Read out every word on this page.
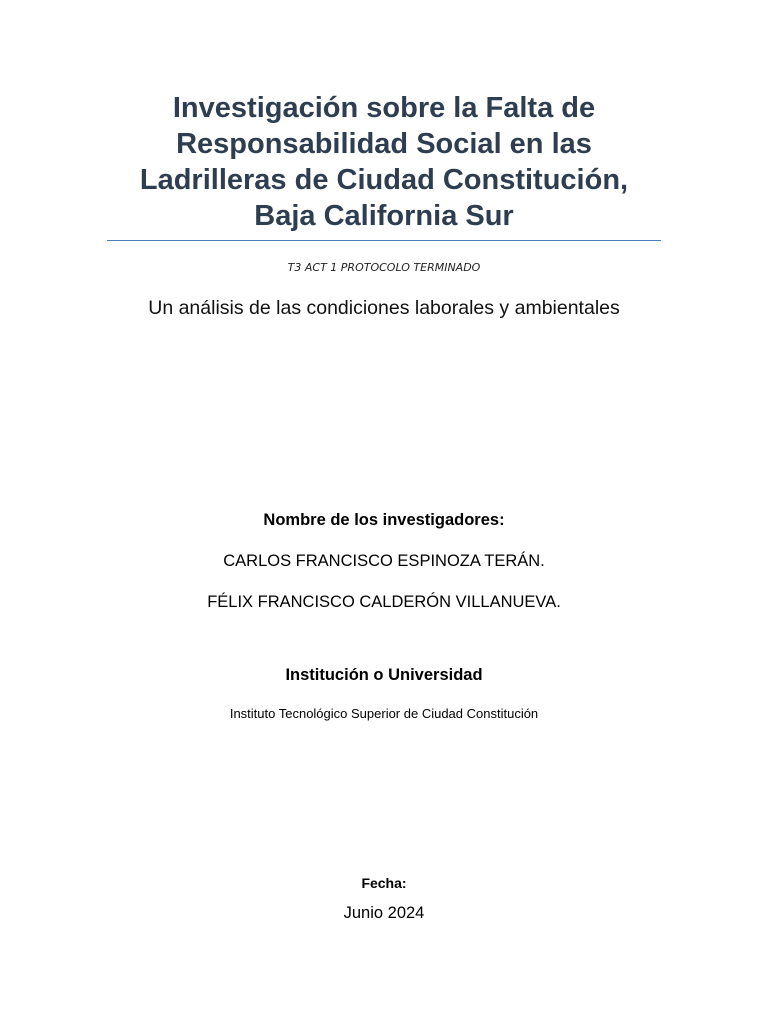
Investigación sobre la Falta de Responsabilidad Social en las Ladrilleras de Ciudad Constitución, Baja California Sur
T3 ACT 1 PROTOCOLO TERMINADO
Un análisis de las condiciones laborales y ambientales
Nombre de los investigadores:
CARLOS FRANCISCO ESPINOZA TERÁN.
FÉLIX FRANCISCO CALDERÓN VILLANUEVA.
Institución o Universidad
Instituto Tecnológico Superior de Ciudad Constitución
Fecha:
Junio 2024
